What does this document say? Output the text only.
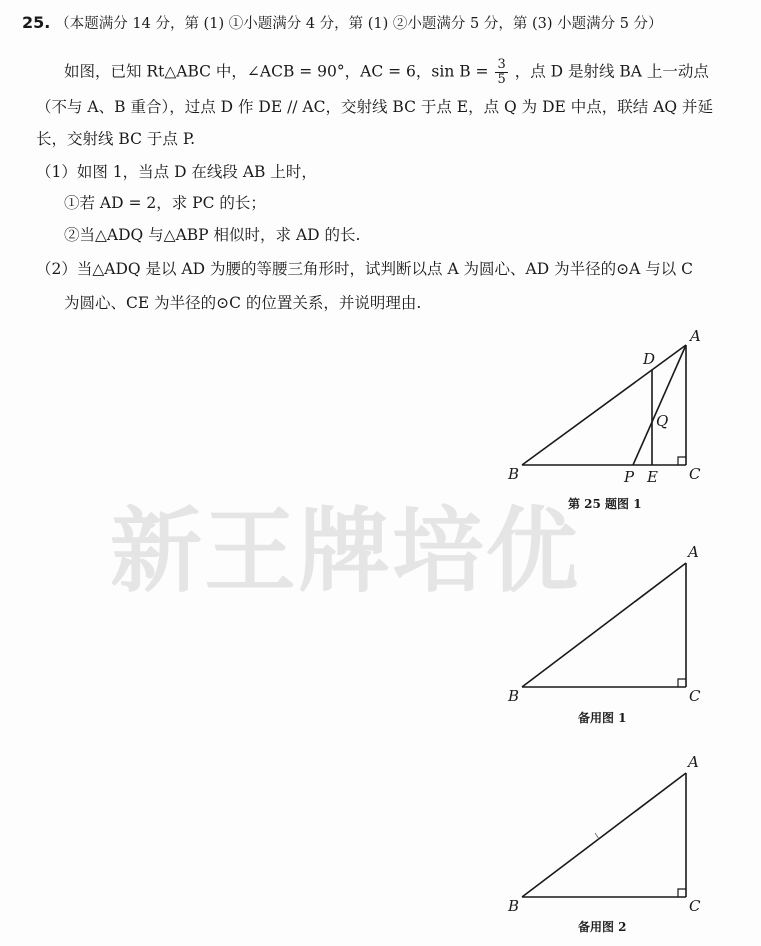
25. （本题满分 14 分，第 (1) ①小题满分 4 分，第 (1) ②小题满分 5 分，第 (3) 小题满分 5 分）
如图，已知 Rt△ABC 中，∠ACB = 90°，AC = 6，$\sin B = \frac{3}{5}$ ，点 D 是射线 BA 上一动点
（不与 A、B 重合），过点 D 作 DE // AC，交射线 BC 于点 E，点 Q 为 DE 中点，联结 AQ 并延
长，交射线 BC 于点 P.
（1）如图 1，当点 D 在线段 AB 上时，
①若 AD = 2，求 PC 的长；
②当△ADQ 与△ABP 相似时，求 AD 的长.
（2）当△ADQ 是以 AD 为腰的等腰三角形时，试判断以点 A 为圆心、AD 为半径的⊙A 与以 C
为圆心、CE 为半径的⊙C 的位置关系，并说明理由.
新王牌培优
A
B	C
D
E
P
Q
第 25 题图 1
A
B	C
备用图 1
A
B	C
备用图 2
